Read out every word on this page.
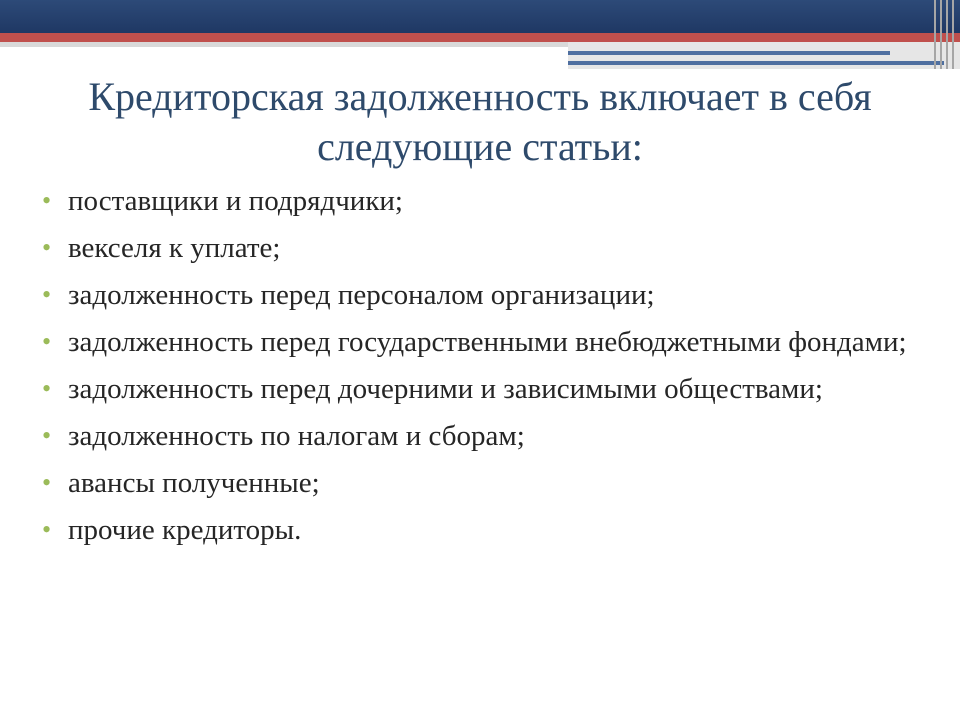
Кредиторская задолженность включает в себя следующие статьи:
• поставщики и подрядчики;
• векселя к уплате;
• задолженность перед персоналом организации;
• задолженность перед государственными внебюджетными фондами;
• задолженность перед дочерними и зависимыми обществами;
• задолженность по налогам и сборам;
• авансы полученные;
• прочие кредиторы.
